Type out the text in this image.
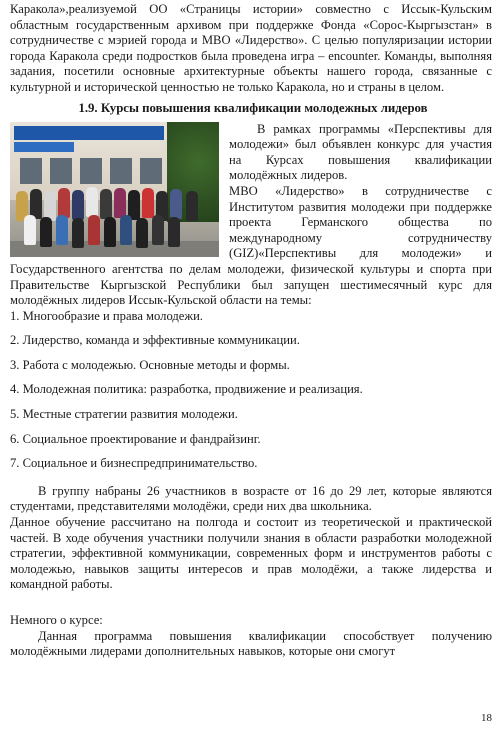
Каракола»,реализуемой ОО «Страницы истории» совместно с Иссык-Кульским областным государственным архивом при поддержке Фонда «Сорос-Кыргызстан» в сотрудничестве с мэрией города и МВО «Лидерство». С целью популяризации истории города Каракола среди подростков была проведена игра – encounter. Команды, выполняя задания, посетили основные архитектурные объекты нашего города, связанные с культурной и исторической ценностью не только Каракола, но и страны в целом.

1.9. Курсы повышения квалификации молодежных лидеров

В рамках программы «Перспективы для молодежи» был объявлен конкурс для участия на Курсах повышения квалификации молодёжных лидеров.

МВО «Лидерство» в сотрудничестве с Институтом развития молодежи при поддержке проекта Германского общества по международному сотрудничеству (GIZ)«Перспективы для молодежи» и Государственного агентства по делам молодежи, физической культуры и спорта при Правительстве Кыргызской Республики был запущен шестимесячный курс для молодёжных лидеров Иссык-Кульской области на темы:

1. Многообразие и права молодежи.

2. Лидерство, команда и эффективные коммуникации.

3. Работа с молодежью. Основные методы и формы.

4. Молодежная политика: разработка, продвижение и реализация.

5. Местные стратегии развития молодежи.

6. Социальное проектирование и фандрайзинг.

7. Социальное и бизнеспредпринимательство.

В группу набраны 26 участников в возрасте от 16 до 29 лет, которые являются студентами, представителями молодёжи, среди них два школьника.

Данное обучение рассчитано на полгода и состоит из теоретической и практической частей. В ходе обучения участники получили знания в области разработки молодежной стратегии, эффективной коммуникации, современных форм и инструментов работы с молодежью, навыков защиты интересов и прав молодёжи, а также лидерства и командной работы.

Немного о курсе:

Данная программа повышения квалификации способствует получению молодёжными лидерами дополнительных навыков, которые они смогут

18
